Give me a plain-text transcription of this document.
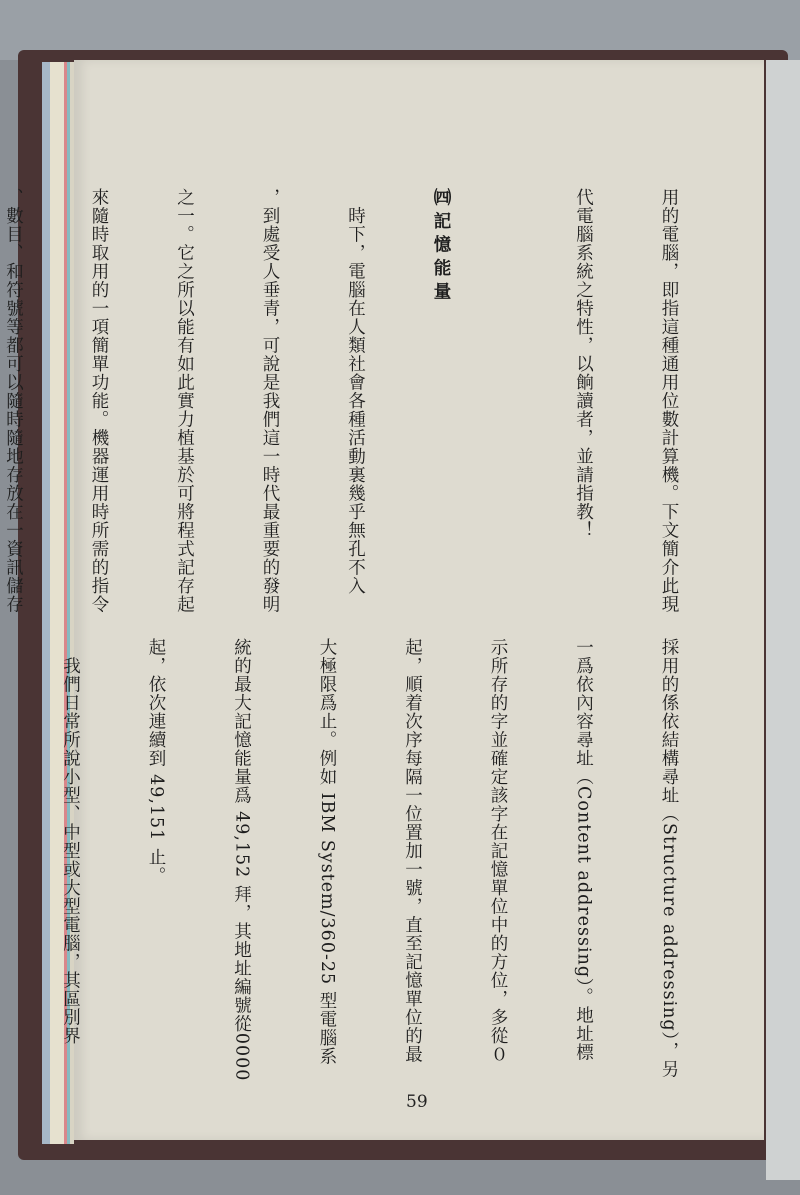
用的電腦，即指這種通用位數計算機。下文簡介此現

代電腦系統之特性，以餉讀者，並請指教！

㈣記憶能量

　時下，電腦在人類社會各種活動裏幾乎無孔不入

，到處受人垂青，可說是我們這一時代最重要的發明

之一。它之所以能有如此實力植基於可將程式記存起

來隨時取用的一項簡單功能。機器運用時所需的指令

、數目、和符號等都可以隨時隨地存放在一資訊儲存

採用的係依結構尋址（Structure addressing），另

一爲依內容尋址（Content addressing）。地址標

示所存的字並確定該字在記憶單位中的方位，多從０

起，順着次序每隔一位置加一號，直至記憶單位的最

大極限爲止。例如 IBM System/360-25 型電腦系

統的最大記憶能量爲 49,152 拜，其地址編號從0000

起，依次連續到 49,151 止。

　我們日常所說小型、中型或大型電腦，其區別界

59
